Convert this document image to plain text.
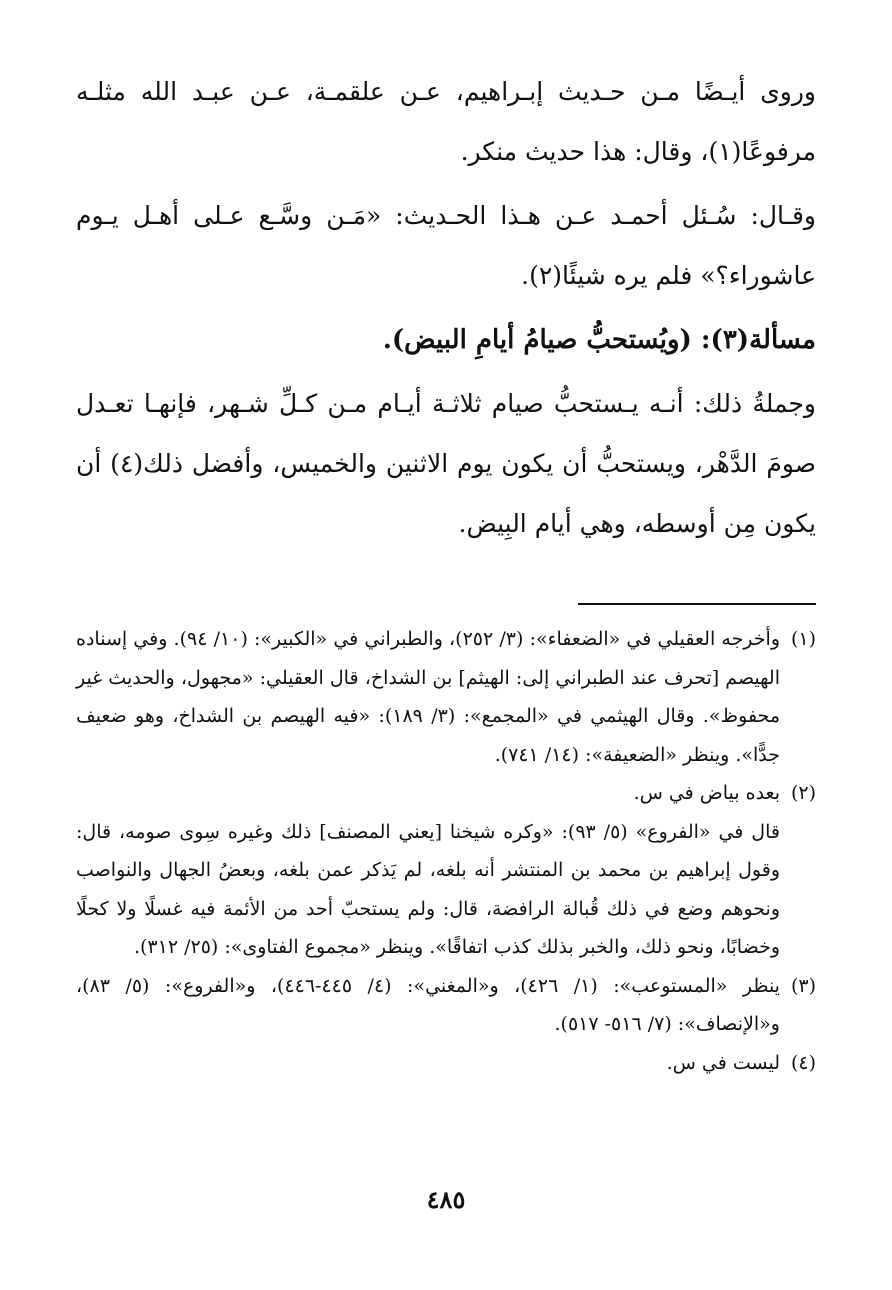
وروى أيـضًا مـن حـديث إبـراهيم، عـن علقمـة، عـن عبـد الله مثلـه مرفوعًا(١)، وقال: هذا حديث منكر.

وقـال: سُـئل أحمـد عـن هـذا الحـديث: «مَـن وسَّـع عـلى أهـل يـوم عاشوراء؟» فلم يره شيئًا(٢).

مسألة(٣): (ويُستحبُّ صيامُ أيامِ البيض).

وجملةُ ذلك: أنـه يـستحبُّ صيام ثلاثـة أيـام مـن كـلِّ شـهر، فإنهـا تعـدل صومَ الدَّهْر، ويستحبُّ أن يكون يوم الاثنين والخميس، وأفضل ذلك(٤) أن يكون مِن أوسطه، وهي أيام البِيض.

(١)

وأخرجه العقيلي في «الضعفاء»: (٣/ ٢٥٢)، والطبراني في «الكبير»: (١٠/ ٩٤). وفي إسناده الهيصم [تحرف عند الطبراني إلى: الهيثم] بن الشداخ، قال العقيلي: «مجهول، والحديث غير محفوظ». وقال الهيثمي في «المجمع»: (٣/ ١٨٩): «فيه الهيصم بن الشداخ، وهو ضعيف جدًّا». وينظر «الضعيفة»: (١٤/ ٧٤١).

(٢)

بعده بياض في س.

قال في «الفروع» (٥/ ٩٣): «وكره شيخنا [يعني المصنف] ذلك وغيره سِوى صومه، قال: وقول إبراهيم بن محمد بن المنتشر أنه بلغه، لم يَذكر عمن بلغه، وبعضُ الجهال والنواصب ونحوهم وضع في ذلك قُبالة الرافضة، قال: ولم يستحبّ أحد من الأئمة فيه غسلًا ولا كحلًا وخضابًا، ونحو ذلك، والخبر بذلك كذب اتفاقًا». وينظر «مجموع الفتاوى»: (٢٥/ ٣١٢).

(٣)

ينظر «المستوعب»: (١/ ٤٢٦)، و«المغني»: (٤/ ٤٤٥-٤٤٦)، و«الفروع»: (٥/ ٨٣)، و«الإنصاف»: (٧/ ٥١٦- ٥١٧).

(٤)

ليست في س.

٤٨٥
